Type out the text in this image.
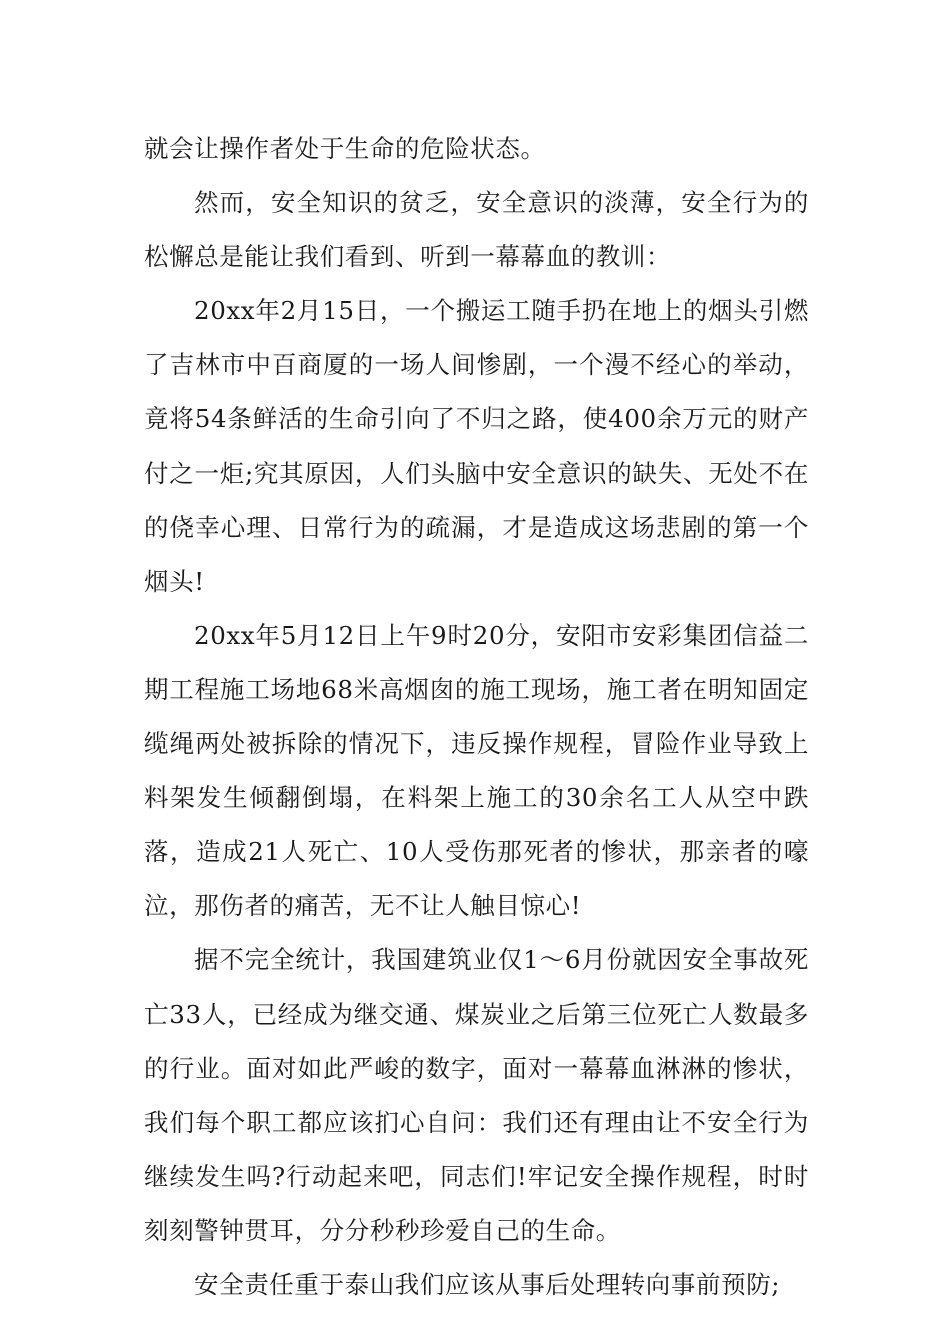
就会让操作者处于生命的危险状态。

然而，安全知识的贫乏，安全意识的淡薄，安全行为的松懈总是能让我们看到、听到一幕幕血的教训：

20xx年2月15日，一个搬运工随手扔在地上的烟头引燃了吉林市中百商厦的一场人间惨剧，一个漫不经心的举动，竟将54条鲜活的生命引向了不归之路，使400余万元的财产付之一炬;究其原因，人们头脑中安全意识的缺失、无处不在的侥幸心理、日常行为的疏漏，才是造成这场悲剧的第一个烟头!

20xx年5月12日上午9时20分，安阳市安彩集团信益二期工程施工场地68米高烟囱的施工现场，施工者在明知固定缆绳两处被拆除的情况下，违反操作规程，冒险作业导致上料架发生倾翻倒塌，在料架上施工的30余名工人从空中跌落，造成21人死亡、10人受伤那死者的惨状，那亲者的嚎泣，那伤者的痛苦，无不让人触目惊心!

据不完全统计，我国建筑业仅1～6月份就因安全事故死亡33人，已经成为继交通、煤炭业之后第三位死亡人数最多的行业。面对如此严峻的数字，面对一幕幕血淋淋的惨状，我们每个职工都应该扪心自问：我们还有理由让不安全行为继续发生吗?行动起来吧，同志们!牢记安全操作规程，时时刻刻警钟贯耳，分分秒秒珍爱自己的生命。

安全责任重于泰山我们应该从事后处理转向事前预防;
